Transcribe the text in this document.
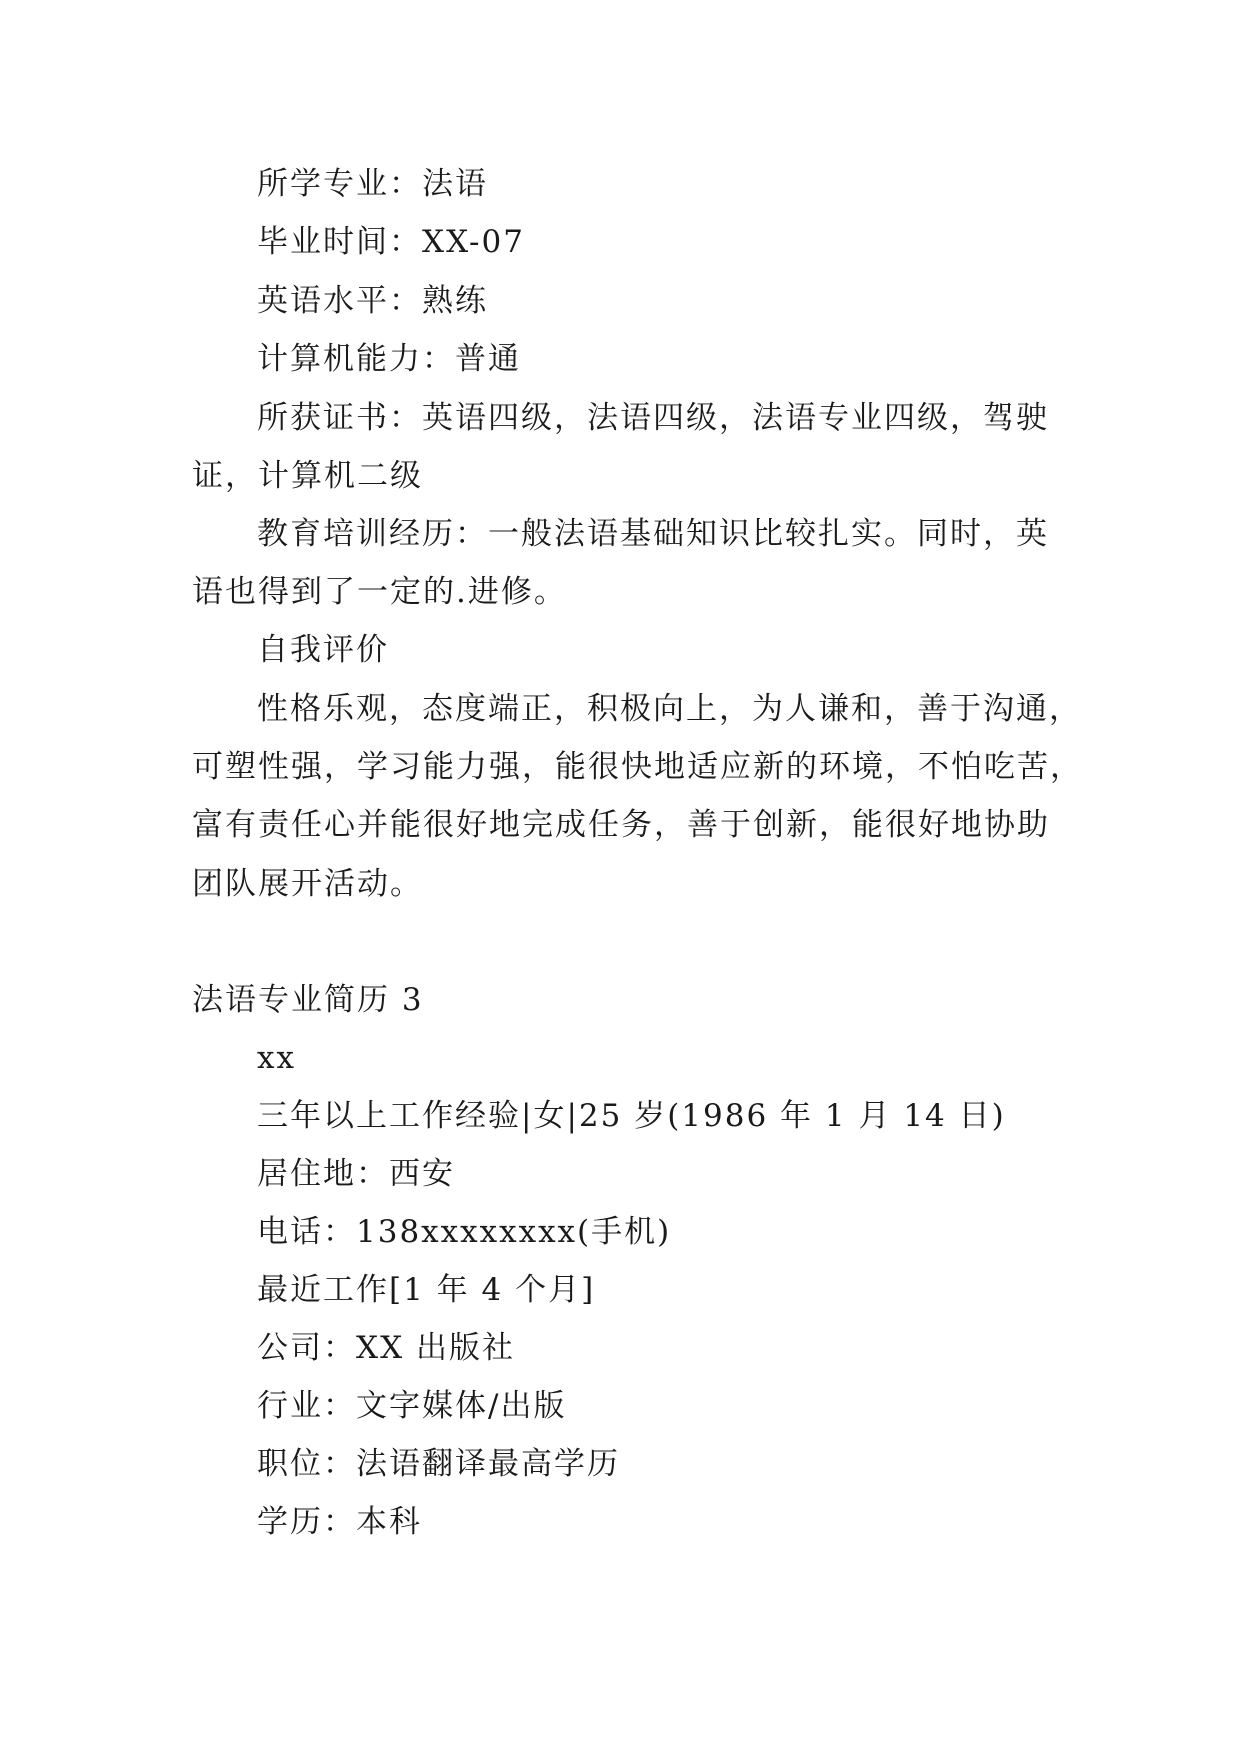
所学专业：法语
毕业时间：XX-07
英语水平：熟练
计算机能力：普通
所获证书：英语四级，法语四级，法语专业四级，驾驶
证，计算机二级
教育培训经历：一般法语基础知识比较扎实。同时，英
语也得到了一定的.进修。
自我评价
性格乐观，态度端正，积极向上，为人谦和，善于沟通，
可塑性强，学习能力强，能很快地适应新的环境，不怕吃苦，
富有责任心并能很好地完成任务，善于创新，能很好地协助
团队展开活动。
法语专业简历 3
xx
三年以上工作经验|女|25 岁(1986 年 1 月 14 日)
居住地：西安
电话：138xxxxxxxx(手机)
最近工作[1 年 4 个月]
公司：XX 出版社
行业：文字媒体/出版
职位：法语翻译最高学历
学历：本科
